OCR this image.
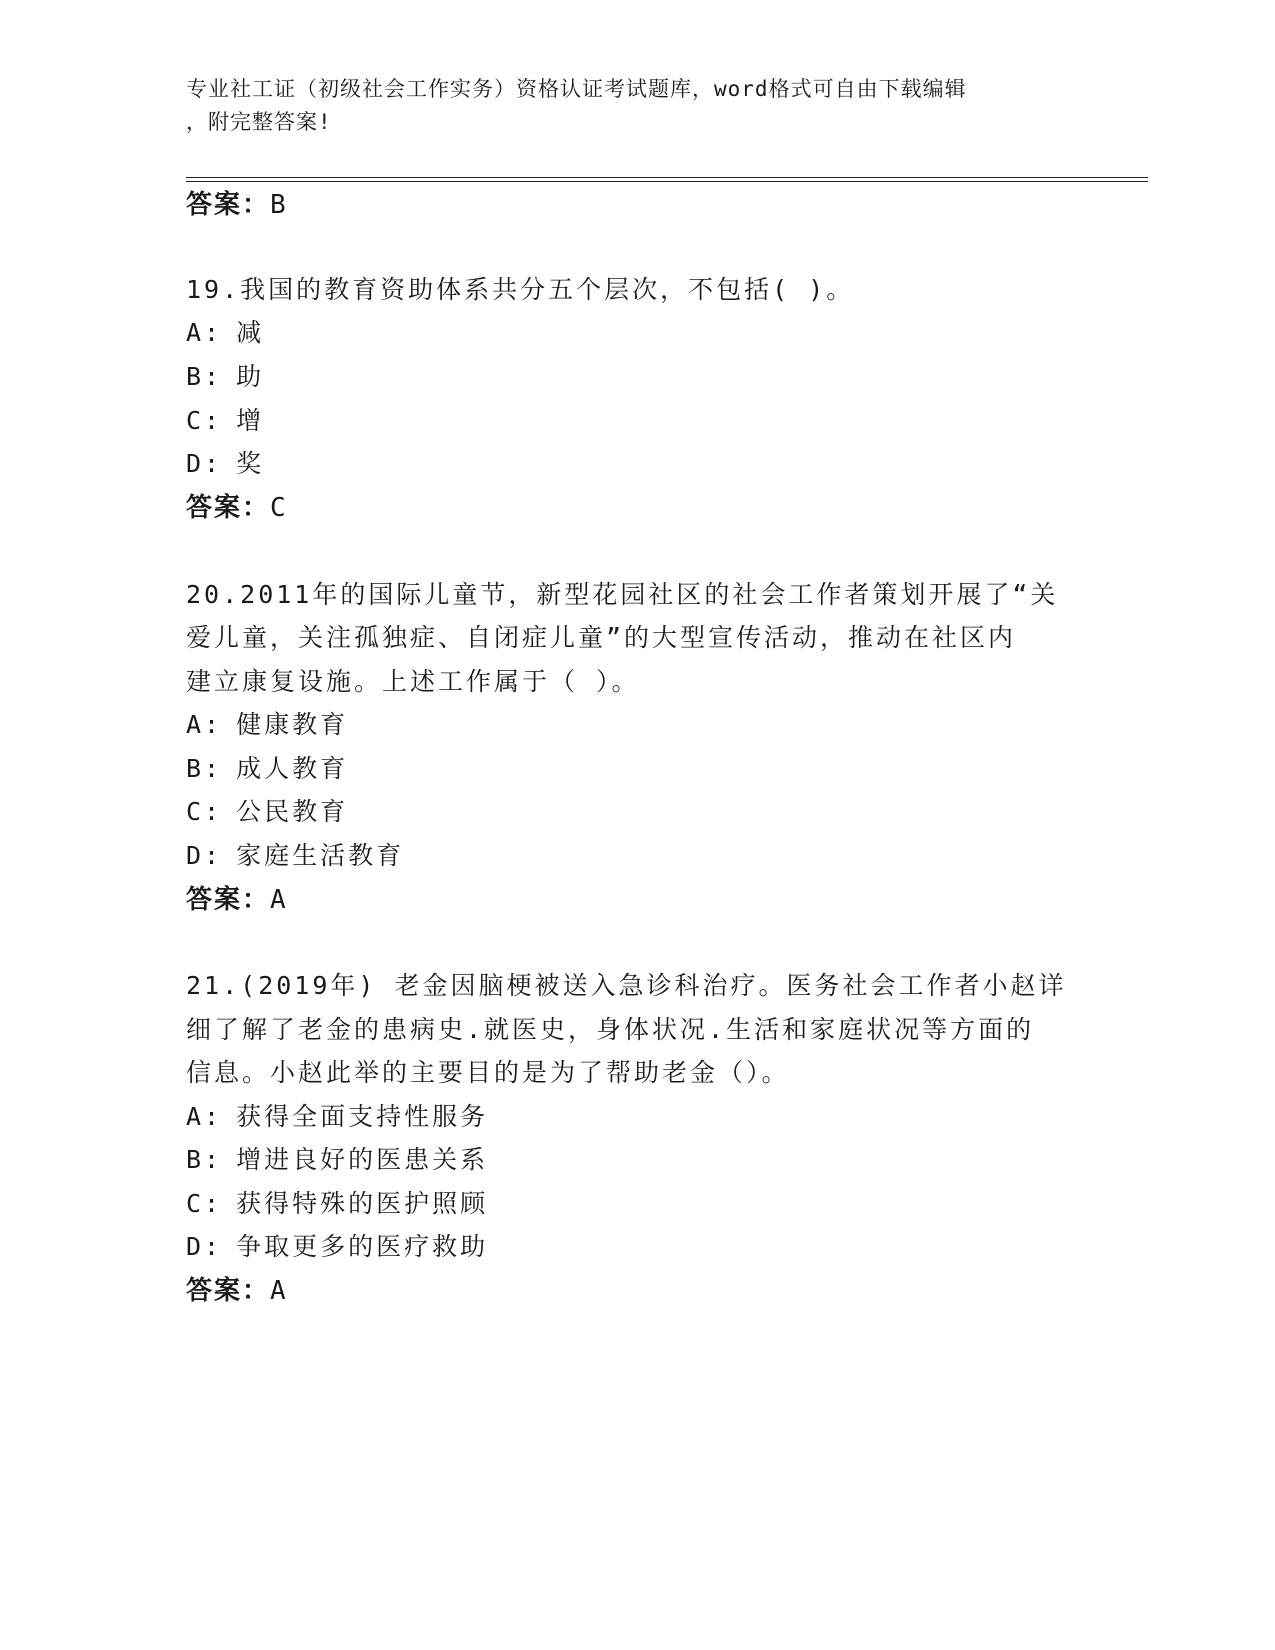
专业社工证（初级社会工作实务）资格认证考试题库，word格式可自由下载编辑
，附完整答案!
答案：B
19.我国的教育资助体系共分五个层次，不包括( )。
A: 减
B: 助
C: 增
D: 奖
答案：C
20.2011年的国际儿童节，新型花园社区的社会工作者策划开展了“关
爱儿童，关注孤独症、自闭症儿童”的大型宣传活动，推动在社区内
建立康复设施。上述工作属于（ ）。
A: 健康教育
B: 成人教育
C: 公民教育
D: 家庭生活教育
答案：A
21.(2019年) 老金因脑梗被送入急诊科治疗。医务社会工作者小赵详
细了解了老金的患病史.就医史，身体状况.生活和家庭状况等方面的
信息。小赵此举的主要目的是为了帮助老金（）。
A: 获得全面支持性服务
B: 增进良好的医患关系
C: 获得特殊的医护照顾
D: 争取更多的医疗救助
答案：A
